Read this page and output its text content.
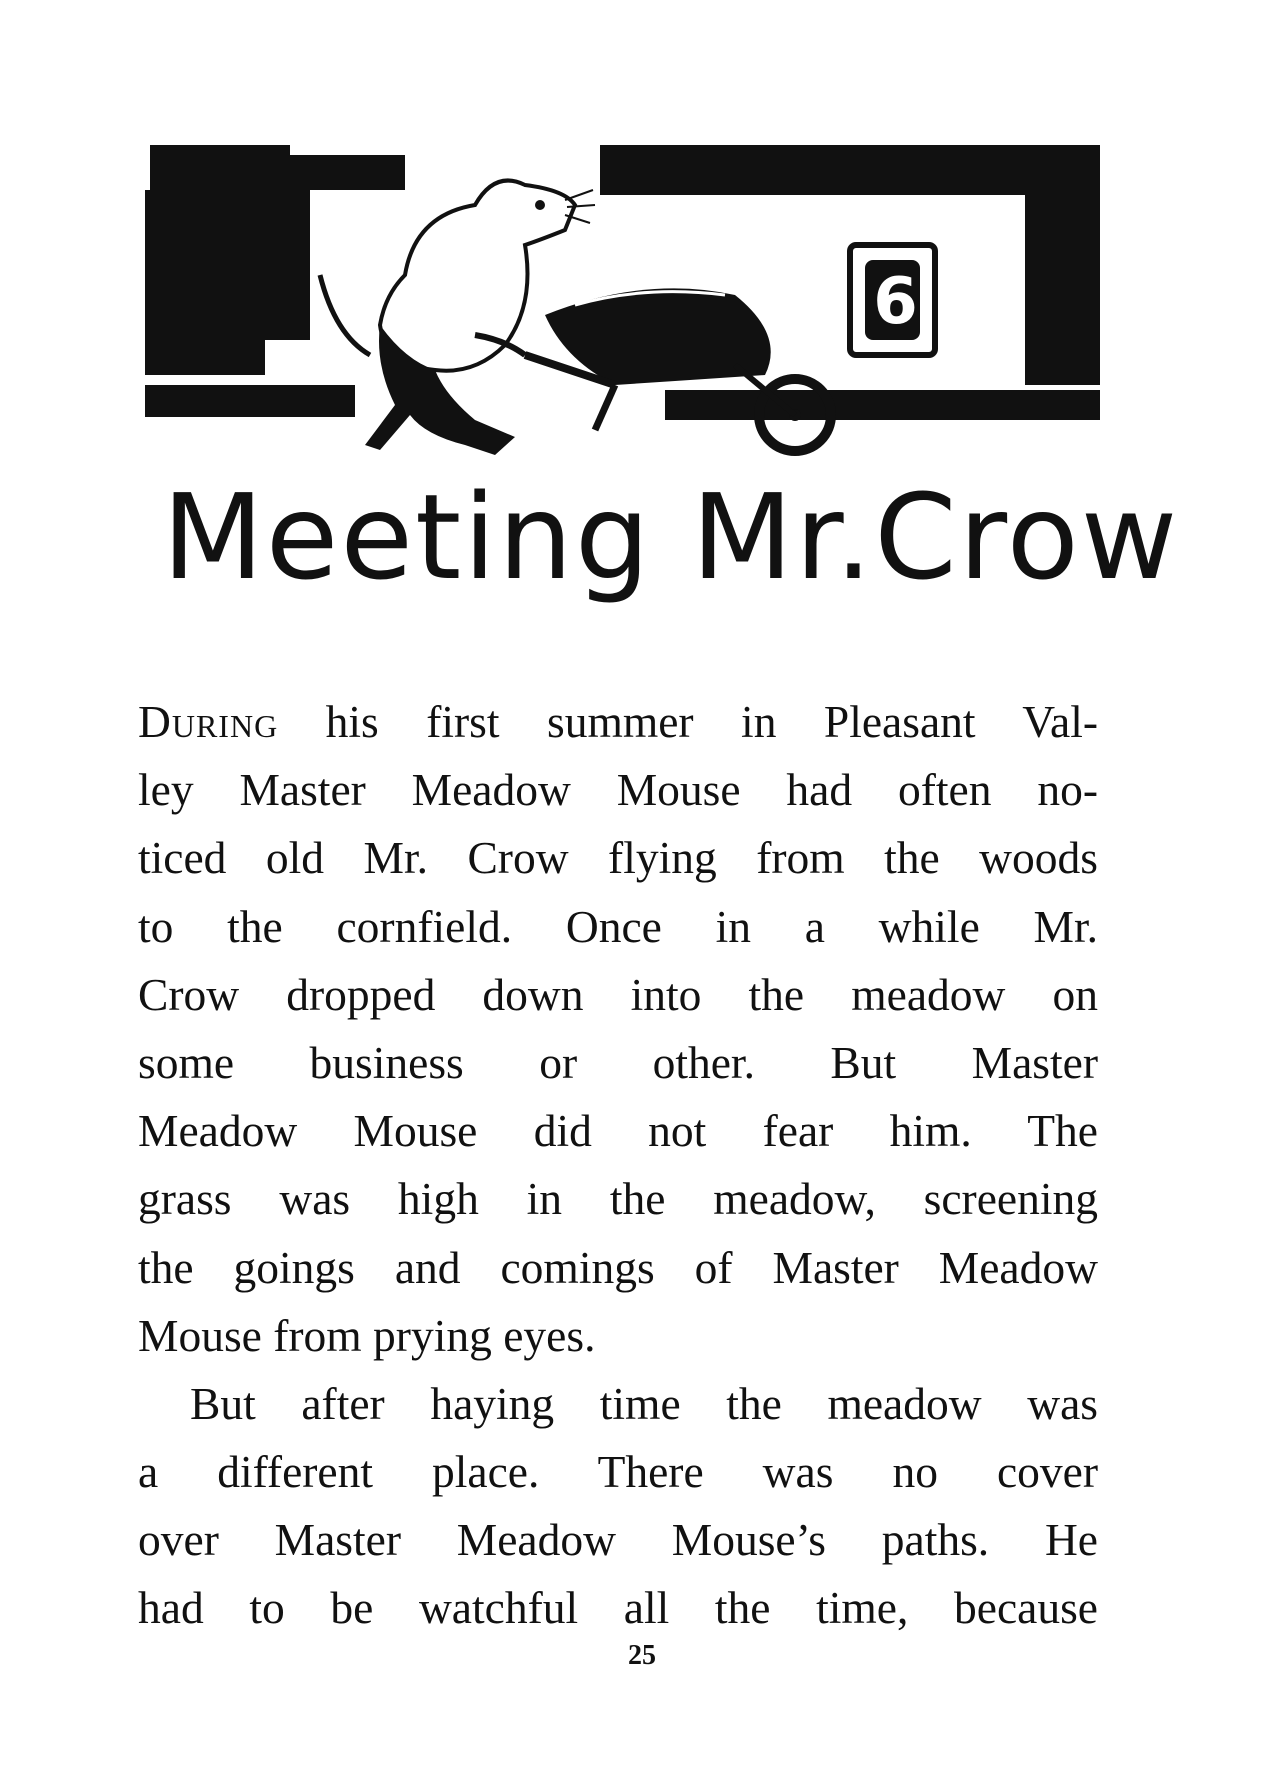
6
Meeting Mr.Crow
During his first summer in Pleasant Val-
ley Master Meadow Mouse had often no-
ticed old Mr. Crow flying from the woods
to the cornfield. Once in a while Mr.
Crow dropped down into the meadow on
some business or other. But Master
Meadow Mouse did not fear him. The
grass was high in the meadow, screening
the goings and comings of Master Meadow
Mouse from prying eyes.
But after haying time the meadow was
a different place. There was no cover
over Master Meadow Mouse’s paths. He
had to be watchful all the time, because
25
